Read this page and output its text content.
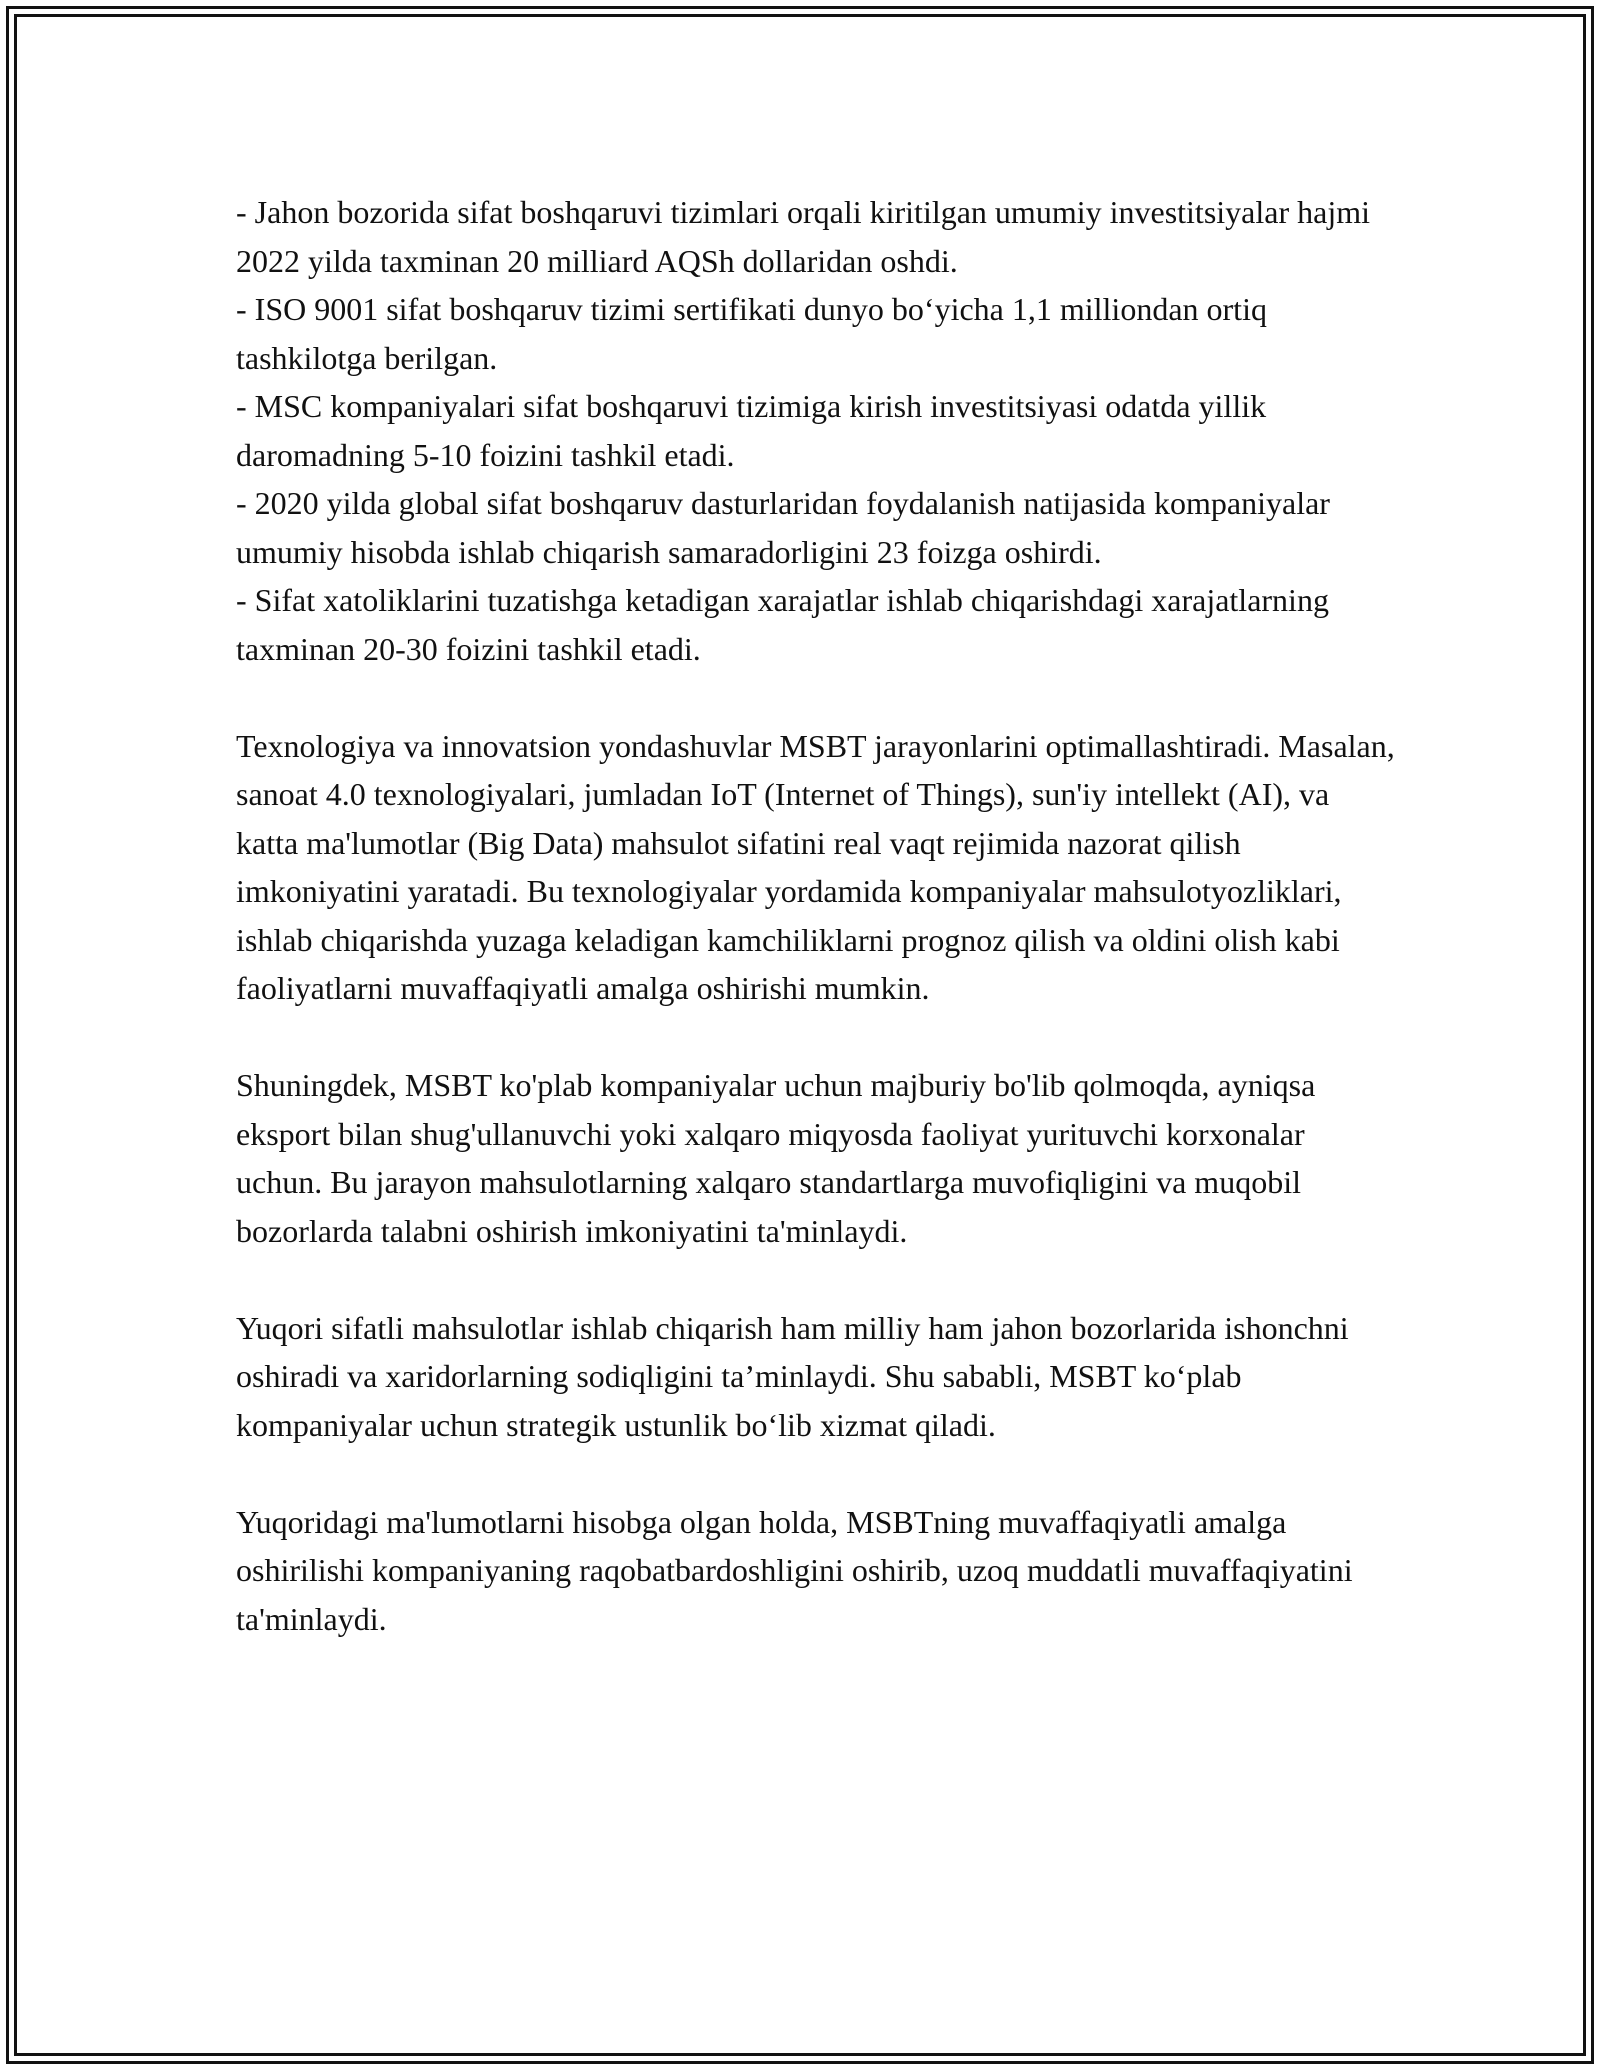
- Jahon bozorida sifat boshqaruvi tizimlari orqali kiritilgan umumiy investitsiyalar hajmi 2022 yilda taxminan 20 milliard AQSh dollaridan oshdi.

- ISO 9001 sifat boshqaruv tizimi sertifikati dunyo bo‘yicha 1,1 milliondan ortiq tashkilotga berilgan.

- MSC kompaniyalari sifat boshqaruvi tizimiga kirish investitsiyasi odatda yillik daromadning 5-10 foizini tashkil etadi.

- 2020 yilda global sifat boshqaruv dasturlaridan foydalanish natijasida kompaniyalar umumiy hisobda ishlab chiqarish samaradorligini 23 foizga oshirdi.

- Sifat xatoliklarini tuzatishga ketadigan xarajatlar ishlab chiqarishdagi xarajatlarning taxminan 20-30 foizini tashkil etadi.

Texnologiya va innovatsion yondashuvlar MSBT jarayonlarini optimallashtiradi. Masalan, sanoat 4.0 texnologiyalari, jumladan IoT (Internet of Things), sun'iy intellekt (AI), va katta ma'lumotlar (Big Data) mahsulot sifatini real vaqt rejimida nazorat qilish imkoniyatini yaratadi. Bu texnologiyalar yordamida kompaniyalar mahsulotyozliklari, ishlab chiqarishda yuzaga keladigan kamchiliklarni prognoz qilish va oldini olish kabi faoliyatlarni muvaffaqiyatli amalga oshirishi mumkin.

Shuningdek, MSBT ko'plab kompaniyalar uchun majburiy bo'lib qolmoqda, ayniqsa eksport bilan shug'ullanuvchi yoki xalqaro miqyosda faoliyat yurituvchi korxonalar uchun. Bu jarayon mahsulotlarning xalqaro standartlarga muvofiqligini va muqobil bozorlarda talabni oshirish imkoniyatini ta'minlaydi.

Yuqori sifatli mahsulotlar ishlab chiqarish ham milliy ham jahon bozorlarida ishonchni oshiradi va xaridorlarning sodiqligini ta’minlaydi. Shu sababli, MSBT ko‘plab kompaniyalar uchun strategik ustunlik bo‘lib xizmat qiladi.

Yuqoridagi ma'lumotlarni hisobga olgan holda, MSBTning muvaffaqiyatli amalga oshirilishi kompaniyaning raqobatbardoshligini oshirib, uzoq muddatli muvaffaqiyatini ta'minlaydi.
